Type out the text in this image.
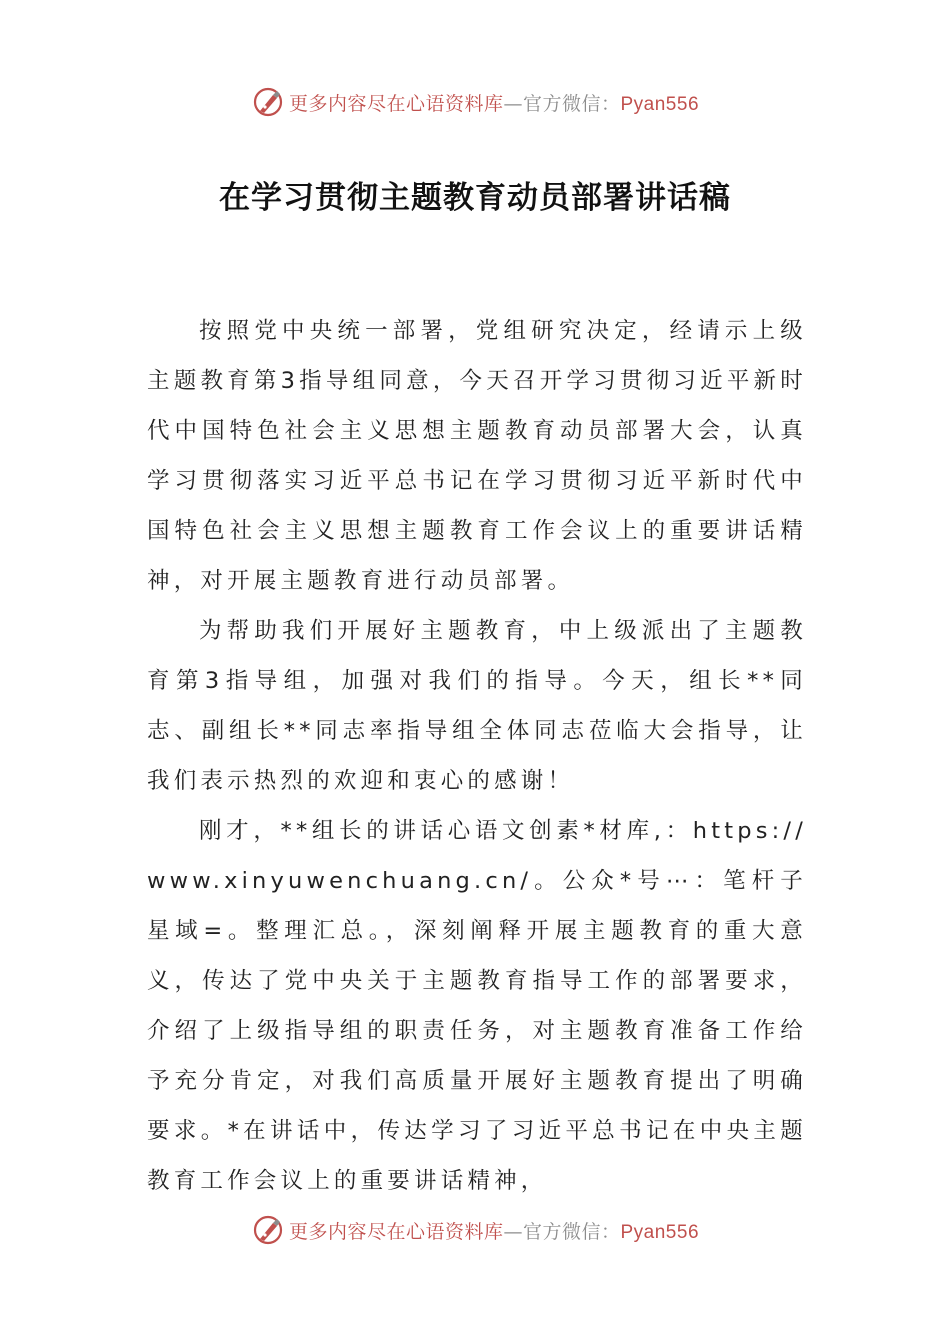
更多内容尽在心语资料库—官方微信：Pyan556
在学习贯彻主题教育动员部署讲话稿

按照党中央统一部署，党组研究决定，经请示上级主题教育第3指导组同意，今天召开学习贯彻习近平新时代中国特色社会主义思想主题教育动员部署大会，认真学习贯彻落实习近平总书记在学习贯彻习近平新时代中国特色社会主义思想主题教育工作会议上的重要讲话精神，对开展主题教育进行动员部署。

为帮助我们开展好主题教育，中上级派出了主题教育第3指导组，加强对我们的指导。今天，组长**同志、副组长**同志率指导组全体同志莅临大会指导，让我们表示热烈的欢迎和衷心的感谢！

刚才，**组长的讲话心语文创素*材库,：https://www.xinyuwenchuang.cn/。公众*号⋯：笔杆子星域=。整理汇总。，深刻阐释开展主题教育的重大意义，传达了党中央关于主题教育指导工作的部署要求，介绍了上级指导组的职责任务，对主题教育准备工作给予充分肯定，对我们高质量开展好主题教育提出了明确要求。*在讲话中，传达学习了习近平总书记在中央主题教育工作会议上的重要讲话精神，

更多内容尽在心语资料库—官方微信：Pyan556
